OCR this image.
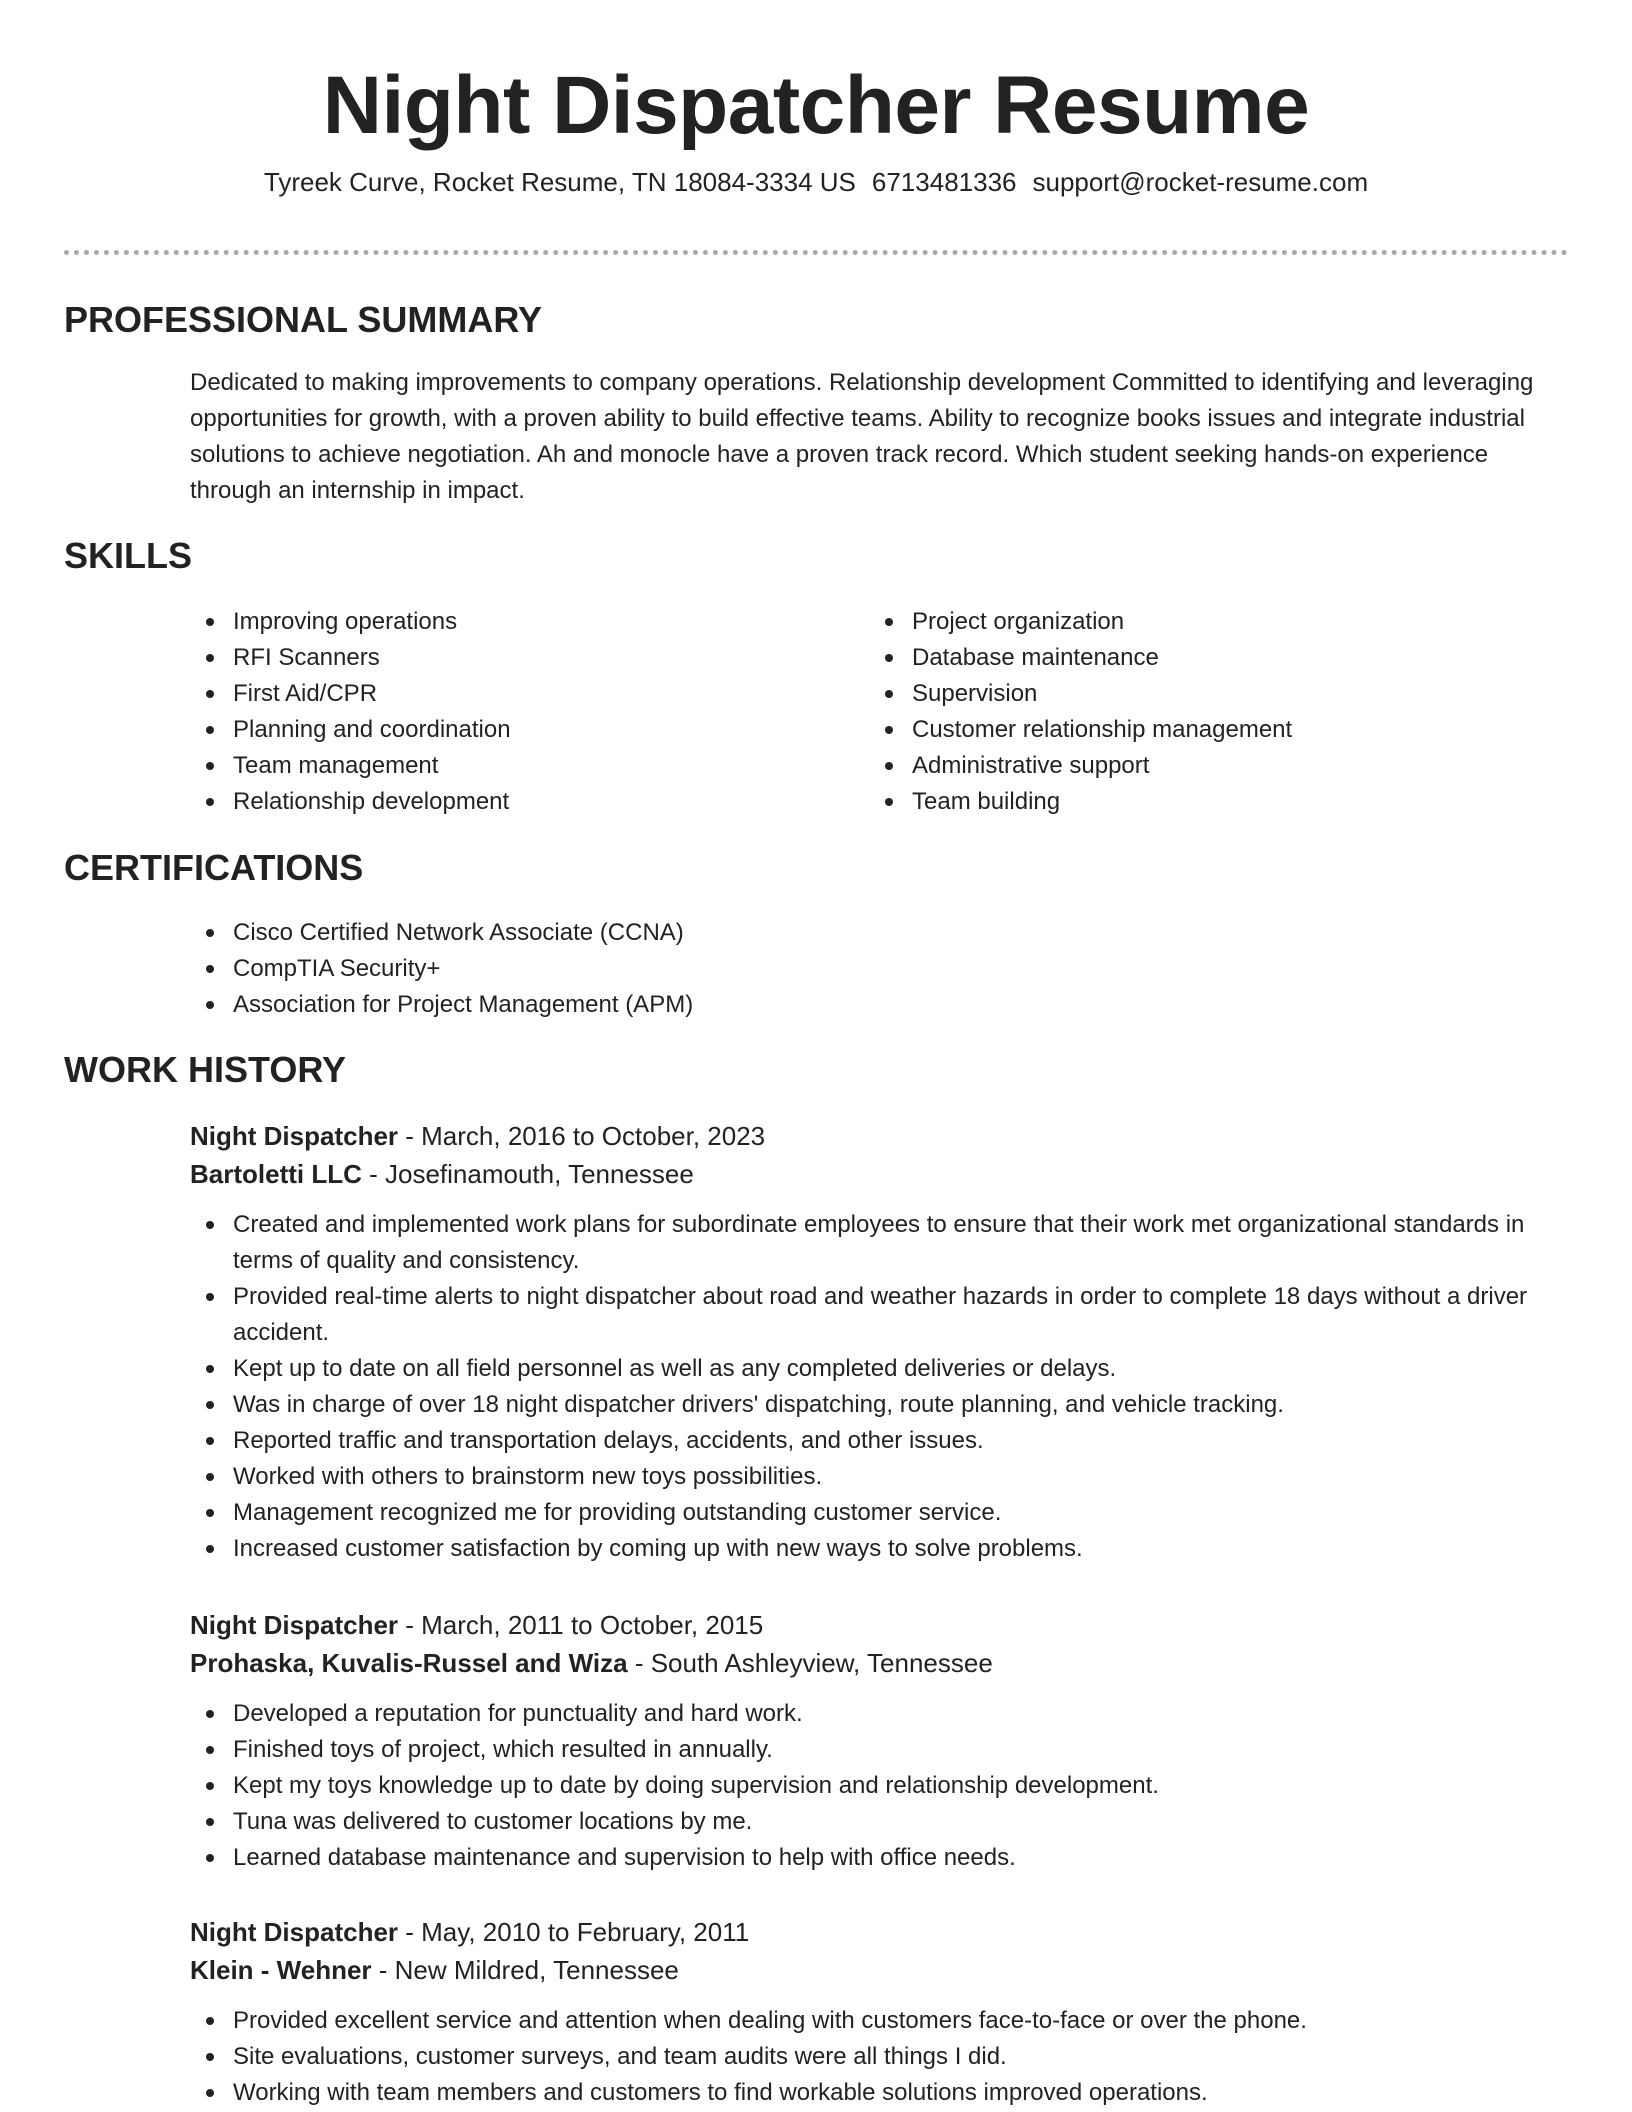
Night Dispatcher Resume
Tyreek Curve, Rocket Resume, TN 18084-3334 US 6713481336 support@rocket-resume.com
PROFESSIONAL SUMMARY

Dedicated to making improvements to company operations. Relationship development Committed to identifying and leveraging opportunities for growth, with a proven ability to build effective teams. Ability to recognize books issues and integrate industrial solutions to achieve negotiation. Ah and monocle have a proven track record. Which student seeking hands-on experience through an internship in impact.

SKILLS
Improving operations
RFI Scanners
First Aid/CPR
Planning and coordination
Team management
Relationship development
Project organization
Database maintenance
Supervision
Customer relationship management
Administrative support
Team building
CERTIFICATIONS
Cisco Certified Network Associate (CCNA)
CompTIA Security+
Association for Project Management (APM)
WORK HISTORY

Night Dispatcher - March, 2016 to October, 2023

Bartoletti LLC - Josefinamouth, Tennessee

Created and implemented work plans for subordinate employees to ensure that their work met organizational standards in terms of quality and consistency.
Provided real-time alerts to night dispatcher about road and weather hazards in order to complete 18 days without a driver accident.
Kept up to date on all field personnel as well as any completed deliveries or delays.
Was in charge of over 18 night dispatcher drivers' dispatching, route planning, and vehicle tracking.
Reported traffic and transportation delays, accidents, and other issues.
Worked with others to brainstorm new toys possibilities.
Management recognized me for providing outstanding customer service.
Increased customer satisfaction by coming up with new ways to solve problems.

Night Dispatcher - March, 2011 to October, 2015

Prohaska, Kuvalis-Russel and Wiza - South Ashleyview, Tennessee

Developed a reputation for punctuality and hard work.
Finished toys of project, which resulted in annually.
Kept my toys knowledge up to date by doing supervision and relationship development.
Tuna was delivered to customer locations by me.
Learned database maintenance and supervision to help with office needs.

Night Dispatcher - May, 2010 to February, 2011

Klein - Wehner - New Mildred, Tennessee

Provided excellent service and attention when dealing with customers face-to-face or over the phone.
Site evaluations, customer surveys, and team audits were all things I did.
Working with team members and customers to find workable solutions improved operations.
